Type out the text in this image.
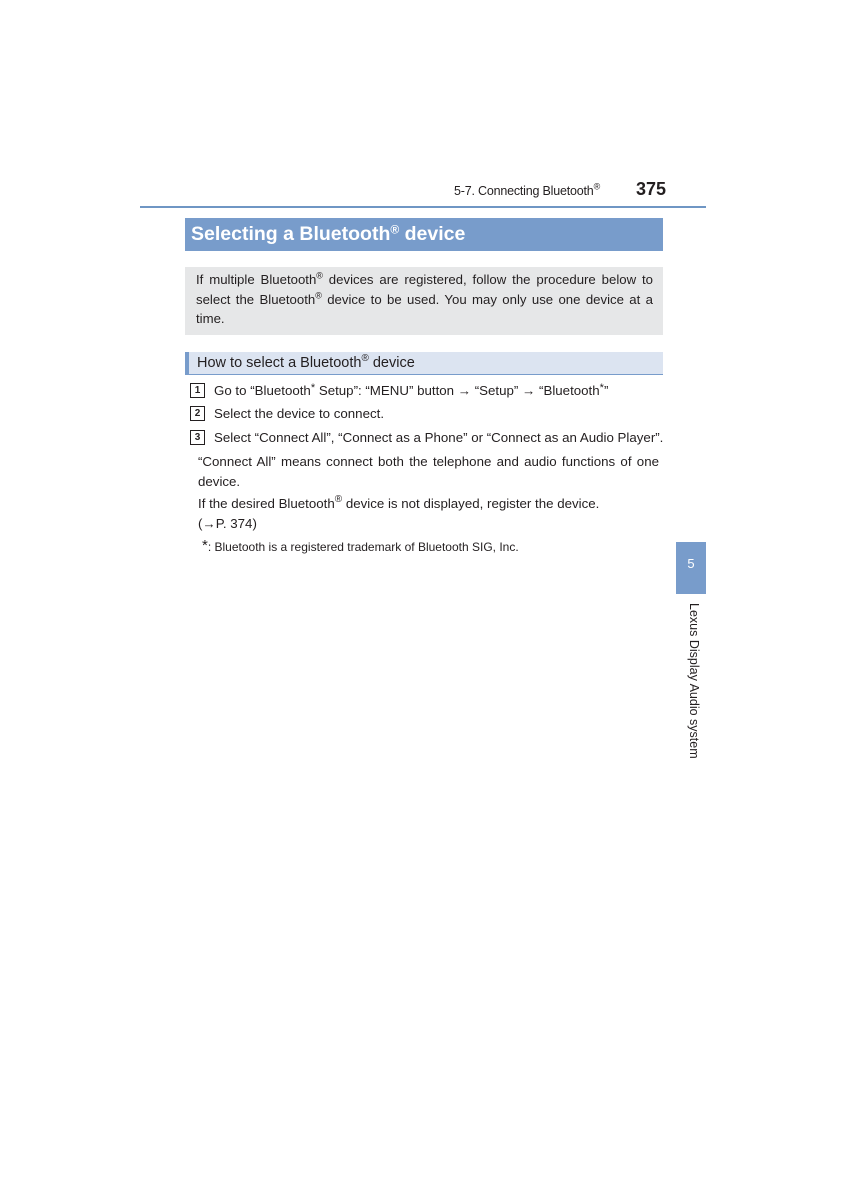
5-7. Connecting Bluetooth® 375
Selecting a Bluetooth® device
If multiple Bluetooth® devices are registered, follow the procedure below to select the Bluetooth® device to be used. You may only use one device at a time.
How to select a Bluetooth® device
1	Go to “Bluetooth* Setup”: “MENU” button → “Setup” → “Bluetooth*”
2	Select the device to connect.
3	Select “Connect All”, “Connect as a Phone” or “Connect as an Audio Player”.
“Connect All” means connect both the telephone and audio functions of one device.
If the desired Bluetooth® device is not displayed, register the device.
(→P. 374)
*: Bluetooth is a registered trademark of Bluetooth SIG, Inc.
5
Lexus Display Audio system
